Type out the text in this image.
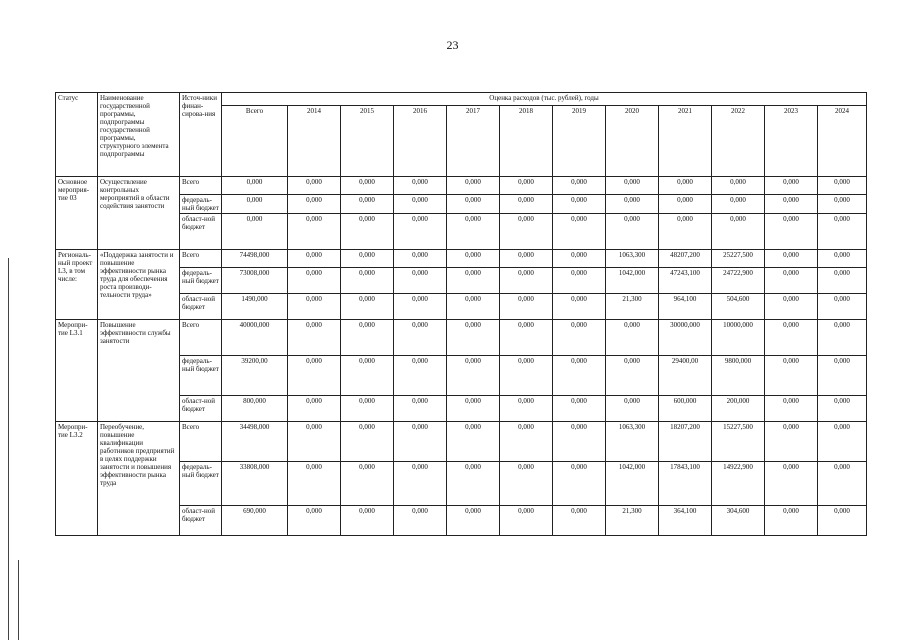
23
Статус	Наименование государственной программы, подпрограммы государственной программы, структурного элемента подпрограммы	Источ-ники финан-сирова-ния	Оценка расходов (тыс. рублей), годы											
			Всего	2014	2015	2016	2017	2018	2019	2020	2021	2022	2023	2024
Основное мероприя-тие 03	Осуществление контрольных мероприятий в области содействия занятости	Всего	0,000	0,000	0,000	0,000	0,000	0,000	0,000	0,000	0,000	0,000	0,000	0,000
		федераль-ный бюджет	0,000	0,000	0,000	0,000	0,000	0,000	0,000	0,000	0,000	0,000	0,000	0,000
		област-ной бюджет	0,000	0,000	0,000	0,000	0,000	0,000	0,000	0,000	0,000	0,000	0,000	0,000
Региональ-ный проект L3, в том числе:	«Поддержка занятости и повышение эффективности рынка труда для обеспечения роста производи-тельности труда»	Всего	74498,000	0,000	0,000	0,000	0,000	0,000	0,000	1063,300	48207,200	25227,500	0,000	0,000
		федераль-ный бюджет	73008,000	0,000	0,000	0,000	0,000	0,000	0,000	1042,000	47243,100	24722,900	0,000	0,000
		област-ной бюджет	1490,000	0,000	0,000	0,000	0,000	0,000	0,000	21,300	964,100	504,600	0,000	0,000
Меропри-тие L3.1	Повышение эффективности службы занятости	Всего	40000,000	0,000	0,000	0,000	0,000	0,000	0,000	0,000	30000,000	10000,000	0,000	0,000
		федераль-ный бюджет	39200,00	0,000	0,000	0,000	0,000	0,000	0,000	0,000	29400,00	9800,000	0,000	0,000
		област-ной бюджет	800,000	0,000	0,000	0,000	0,000	0,000	0,000	0,000	600,000	200,000	0,000	0,000
Меропри-тие L3.2	Переобучение, повышение квалификации работников предприятий в целях поддержки занятости и повышения эффективности рынка труда	Всего	34498,000	0,000	0,000	0,000	0,000	0,000	0,000	1063,300	18207,200	15227,500	0,000	0,000
		федераль-ный бюджет	33808,000	0,000	0,000	0,000	0,000	0,000	0,000	1042,000	17843,100	14922,900	0,000	0,000
		област-ной бюджет	690,000	0,000	0,000	0,000	0,000	0,000	0,000	21,300	364,100	304,600	0,000	0,000
